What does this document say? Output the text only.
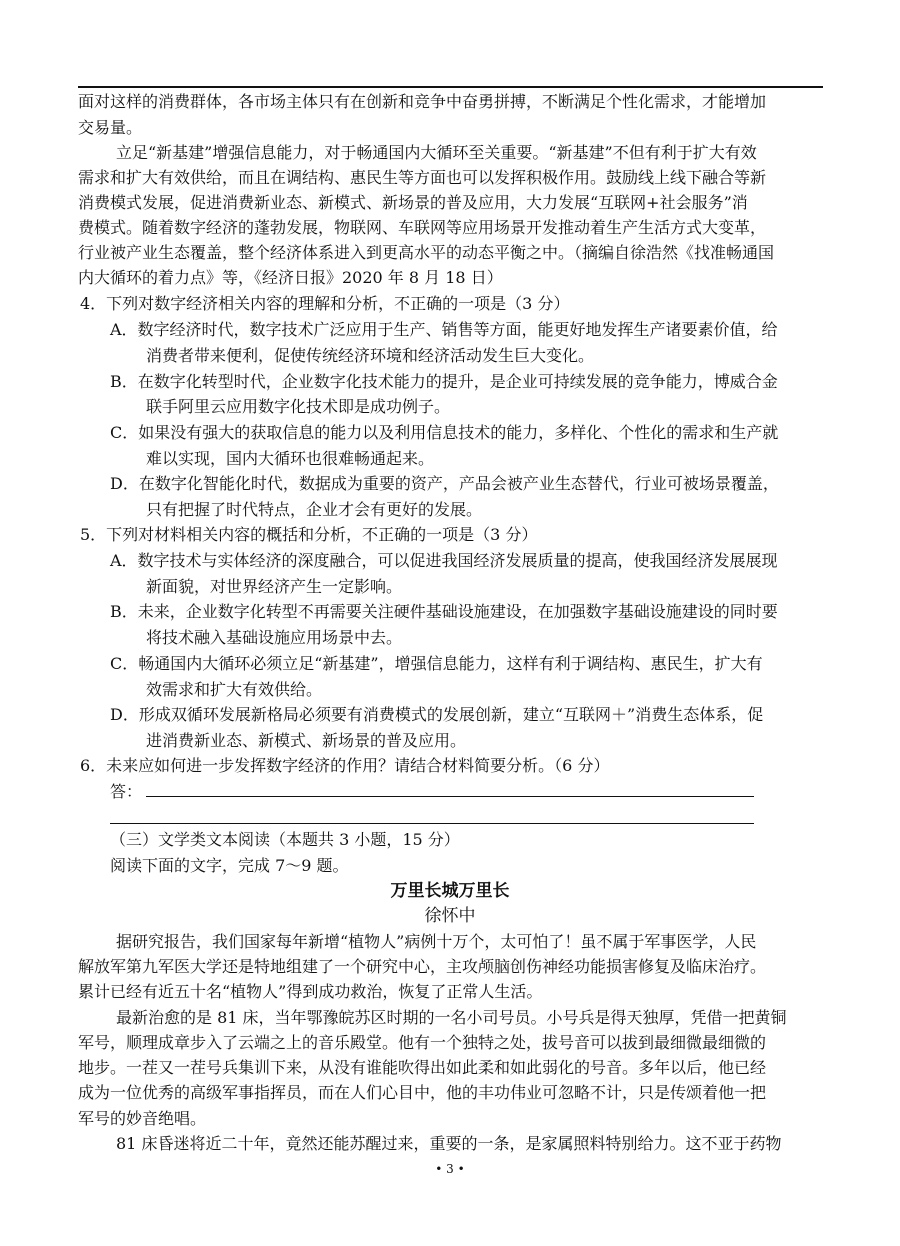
面对这样的消费群体，各市场主体只有在创新和竞争中奋勇拼搏，不断满足个性化需求，才能增加
交易量。
立足“新基建”增强信息能力，对于畅通国内大循环至关重要。“新基建”不但有利于扩大有效
需求和扩大有效供给，而且在调结构、惠民生等方面也可以发挥积极作用。鼓励线上线下融合等新
消费模式发展，促进消费新业态、新模式、新场景的普及应用，大力发展“互联网+社会服务”消
费模式。随着数字经济的蓬勃发展，物联网、车联网等应用场景开发推动着生产生活方式大变革，
行业被产业生态覆盖，整个经济体系进入到更高水平的动态平衡之中。（摘编自徐浩然《找准畅通国
内大循环的着力点》等，《经济日报》2020 年 8 月 18 日）
4．下列对数字经济相关内容的理解和分析，不正确的一项是（3 分）
A．数字经济时代，数字技术广泛应用于生产、销售等方面，能更好地发挥生产诸要素价值，给
消费者带来便利，促使传统经济环境和经济活动发生巨大变化。
B．在数字化转型时代，企业数字化技术能力的提升，是企业可持续发展的竞争能力，博威合金
联手阿里云应用数字化技术即是成功例子。
C．如果没有强大的获取信息的能力以及利用信息技术的能力，多样化、个性化的需求和生产就
难以实现，国内大循环也很难畅通起来。
D．在数字化智能化时代，数据成为重要的资产，产品会被产业生态替代，行业可被场景覆盖，
只有把握了时代特点，企业才会有更好的发展。
5．下列对材料相关内容的概括和分析，不正确的一项是（3 分）
A．数字技术与实体经济的深度融合，可以促进我国经济发展质量的提高，使我国经济发展展现
新面貌，对世界经济产生一定影响。
B．未来，企业数字化转型不再需要关注硬件基础设施建设，在加强数字基础设施建设的同时要
将技术融入基础设施应用场景中去。
C．畅通国内大循环必须立足“新基建”，增强信息能力，这样有利于调结构、惠民生，扩大有
效需求和扩大有效供给。
D．形成双循环发展新格局必须要有消费模式的发展创新，建立“互联网＋”消费生态体系，促
进消费新业态、新模式、新场景的普及应用。
6．未来应如何进一步发挥数字经济的作用？请结合材料简要分析。（6 分）
答：
（三）文学类文本阅读（本题共 3 小题，15 分）
阅读下面的文字，完成 7～9 题。
万里长城万里长
徐怀中
据研究报告，我们国家每年新增“植物人”病例十万个，太可怕了！虽不属于军事医学，人民
解放军第九军医大学还是特地组建了一个研究中心，主攻颅脑创伤神经功能损害修复及临床治疗。
累计已经有近五十名“植物人”得到成功救治，恢复了正常人生活。
最新治愈的是 81 床，当年鄂豫皖苏区时期的一名小司号员。小号兵是得天独厚，凭借一把黄铜
军号，顺理成章步入了云端之上的音乐殿堂。他有一个独特之处，拔号音可以拔到最细微最细微的
地步。一茬又一茬号兵集训下来，从没有谁能吹得出如此柔和如此弱化的号音。多年以后，他已经
成为一位优秀的高级军事指挥员，而在人们心目中，他的丰功伟业可忽略不计，只是传颂着他一把
军号的妙音绝唱。
81 床昏迷将近二十年，竟然还能苏醒过来，重要的一条，是家属照料特别给力。这不亚于药物
• 3 •
